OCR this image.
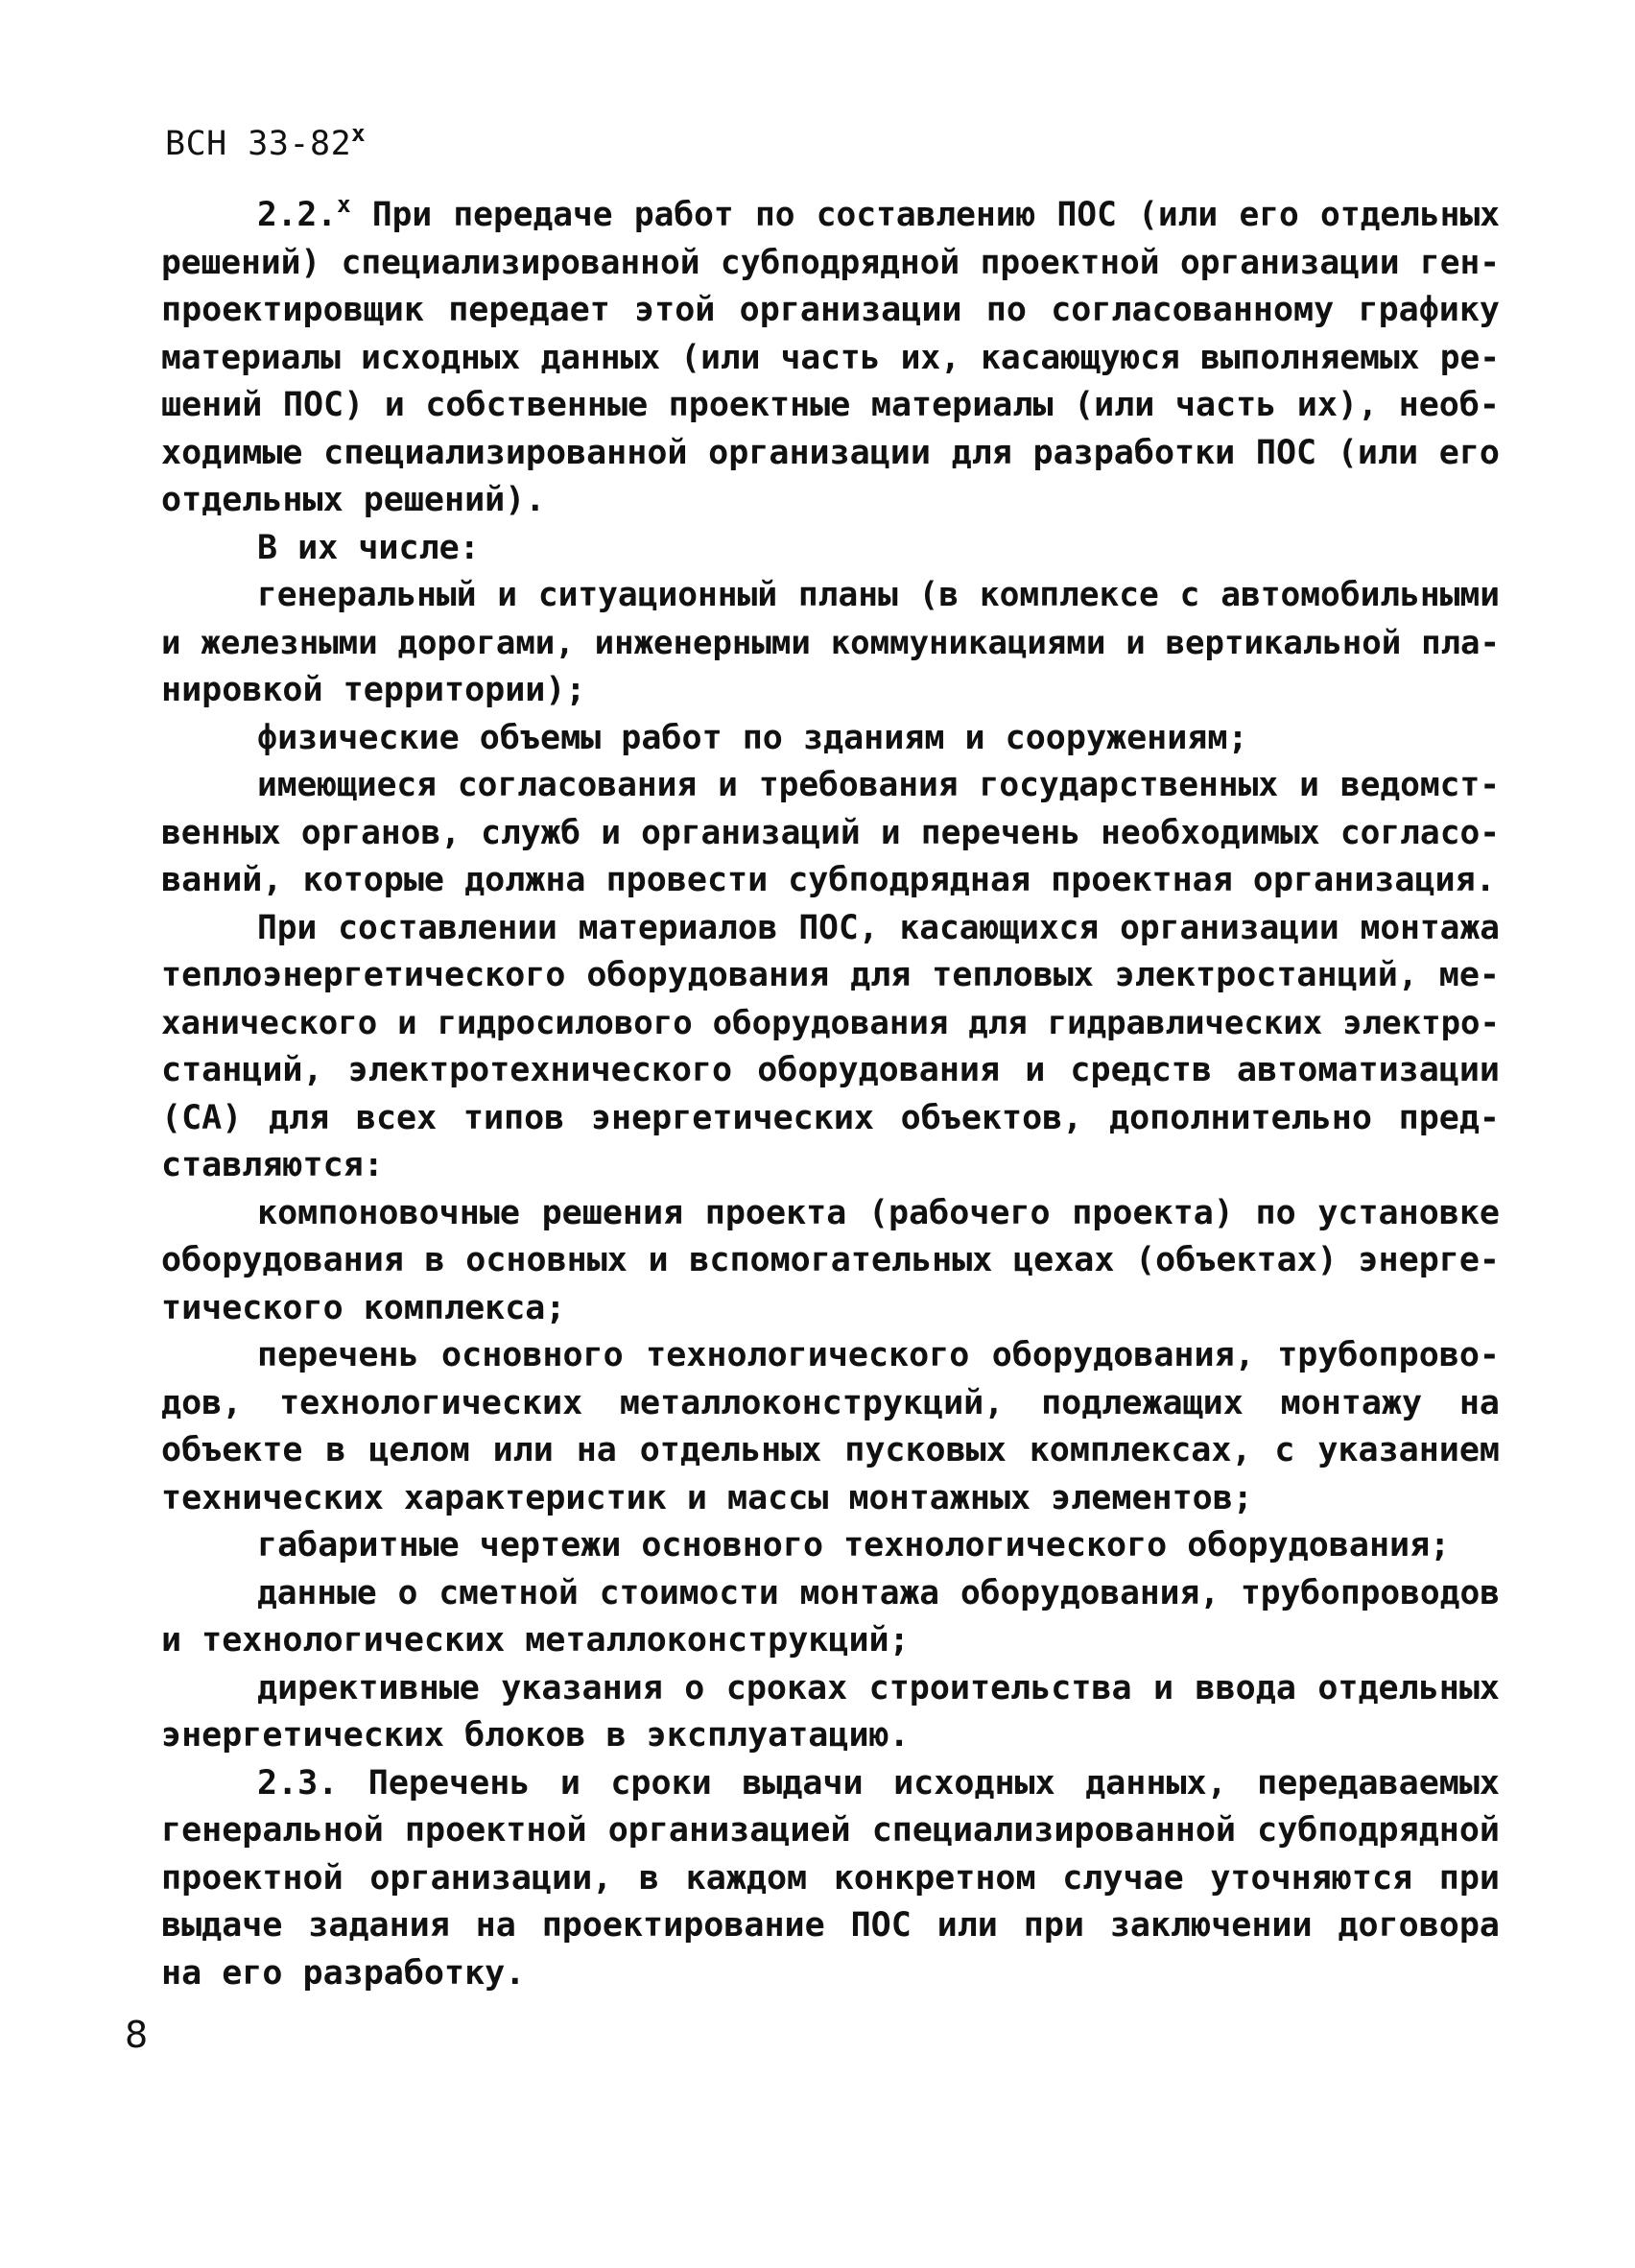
ВСН $33-82^х$
2.2.$^х$ При передаче работ по составлению ПОС (или его отдельных
решений) специализированной субподрядной проектной организации ген-
проектировщик передает этой организации по согласованному графику
материалы исходных данных (или часть их, касающуюся выполняемых ре-
шений ПОС) и собственные проектные материалы (или часть их), необ-
ходимые специализированной организации для разработки ПОС (или его
отдельных решений).
В их числе:
генеральный и ситуационный планы (в комплексе с автомобильными
и железными дорогами, инженерными коммуникациями и вертикальной пла-
нировкой территории);
физические объемы работ по зданиям и сооружениям;
имеющиеся согласования и требования государственных и ведомст-
венных органов, служб и организаций и перечень необходимых согласо-
ваний, которые должна провести субподрядная проектная организация.
При составлении материалов ПОС, касающихся организации монтажа
теплоэнергетического оборудования для тепловых электростанций, ме-
ханического и гидросилового оборудования для гидравлических электро-
станций, электротехнического оборудования и средств автоматизации
(СА) для всех типов энергетических объектов, дополнительно пред-
ставляются:
компоновочные решения проекта (рабочего проекта) по установке
оборудования в основных и вспомогательных цехах (объектах) энерге-
тического комплекса;
перечень основного технологического оборудования, трубопрово-
дов, технологических металлоконструкций, подлежащих монтажу на
объекте в целом или на отдельных пусковых комплексах, с указанием
технических характеристик и массы монтажных элементов;
габаритные чертежи основного технологического оборудования;
данные о сметной стоимости монтажа оборудования, трубопроводов
и технологических металлоконструкций;
директивные указания о сроках строительства и ввода отдельных
энергетических блоков в эксплуатацию.
2.3. Перечень и сроки выдачи исходных данных, передаваемых
генеральной проектной организацией специализированной субподрядной
проектной организации, в каждом конкретном случае уточняются при
выдаче задания на проектирование ПОС или при заключении договора
на его разработку.
8
